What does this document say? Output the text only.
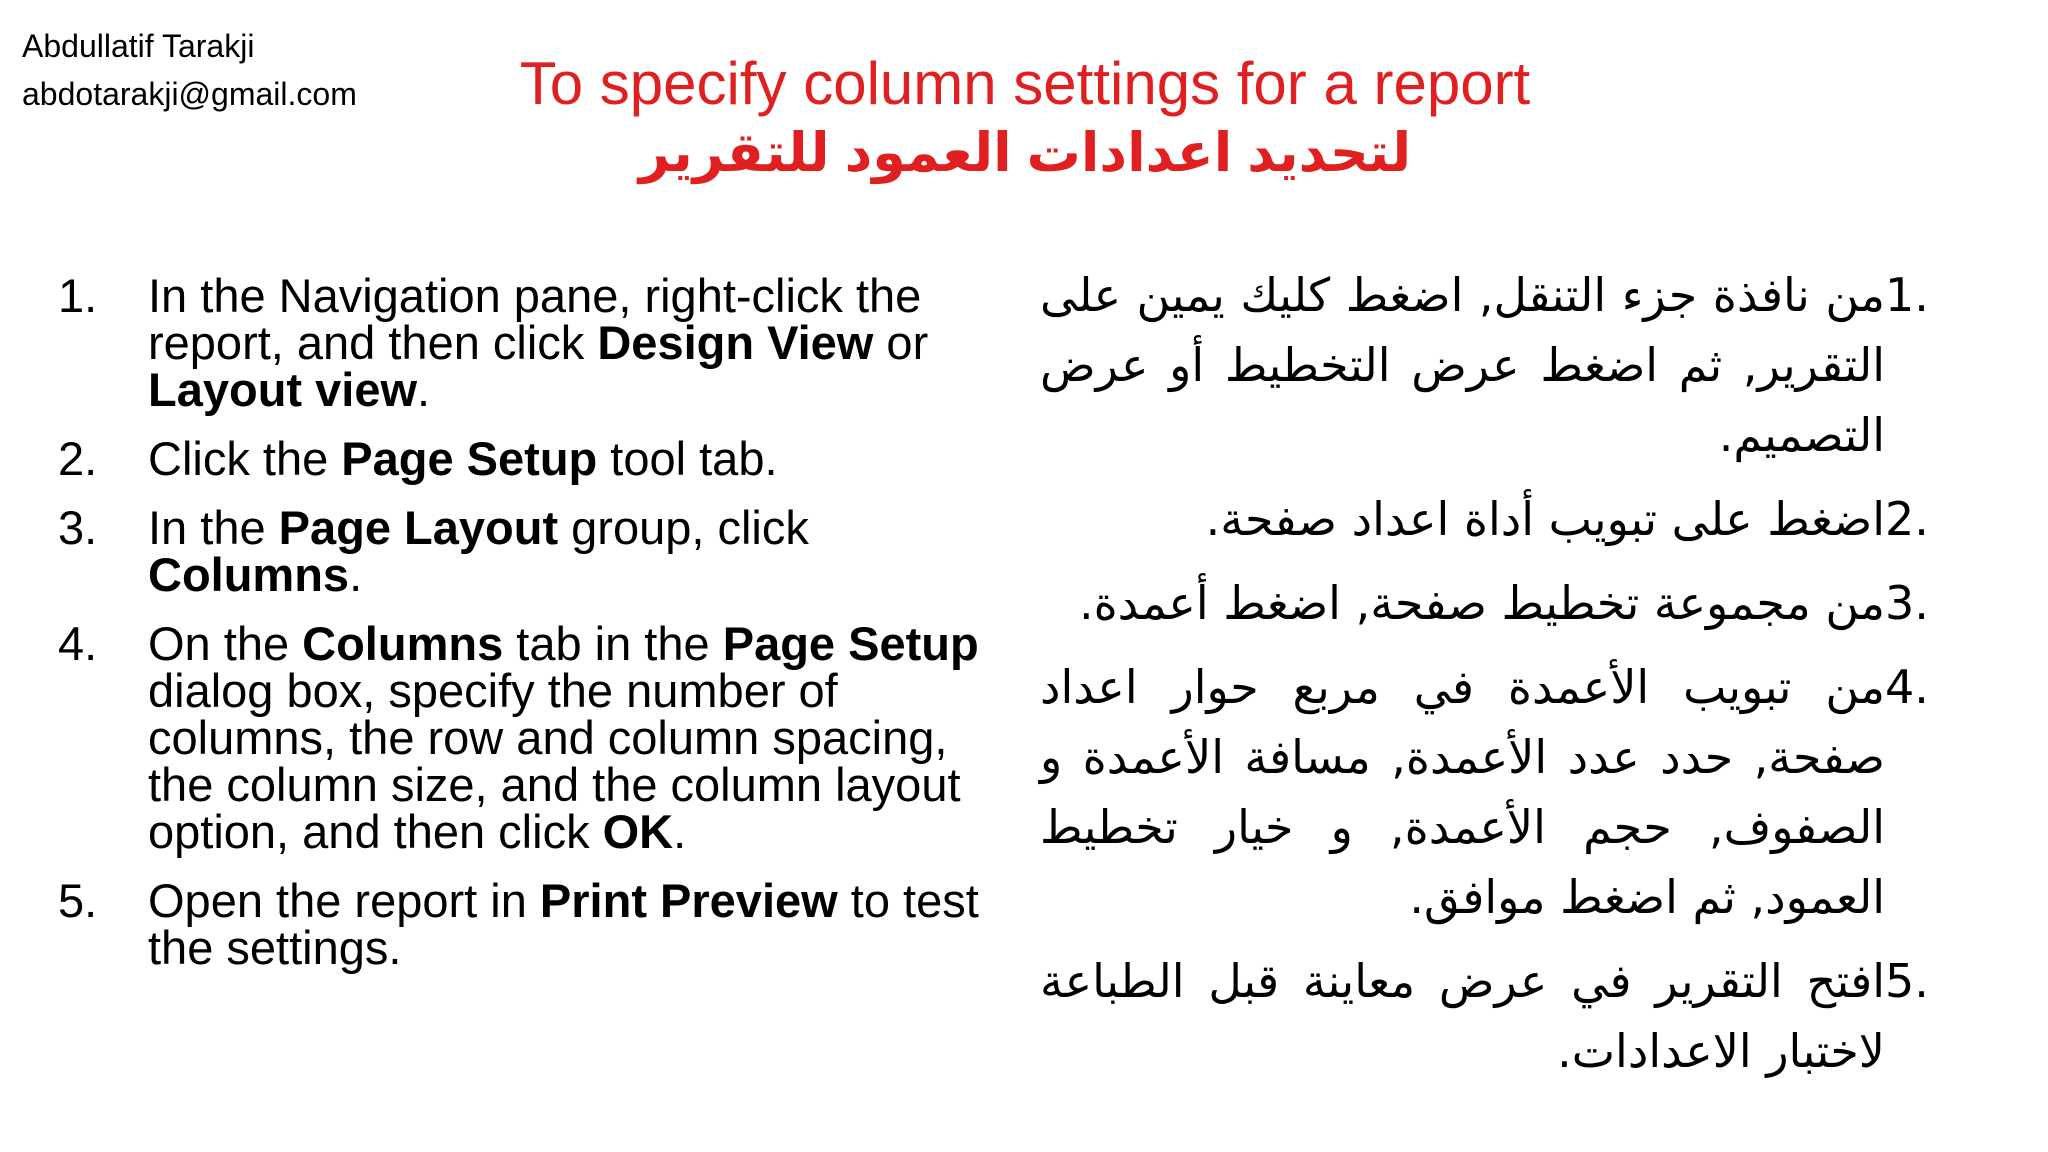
Abdullatif Tarakji
abdotarakji@gmail.com	To specify column settings for a report
لتحديد اعدادات العمود للتقرير
1.	In the Navigation pane, right-click the report, and then click Design View or Layout view.
2.	Click the Page Setup tool tab.
3.	In the Page Layout group, click Columns.
4.	On the Columns tab in the Page Setup dialog box, specify the number of columns, the row and column spacing, the column size, and the column layout option, and then click OK.
5.	Open the report in Print Preview to test the settings.
1.
من نافذة جزء التنقل, اضغط كليك يمين على التقرير, ثم اضغط عرض التخطيط أو عرض التصميم.
2.
اضغط على تبويب أداة اعداد صفحة.
3.
من مجموعة تخطيط صفحة, اضغط أعمدة.
4.
من تبويب الأعمدة في مربع حوار اعداد صفحة, حدد عدد الأعمدة, مسافة الأعمدة و الصفوف, حجم الأعمدة, و خيار تخطيط العمود, ثم اضغط موافق.
5.
افتح التقرير في عرض معاينة قبل الطباعة لاختبار الاعدادات.
